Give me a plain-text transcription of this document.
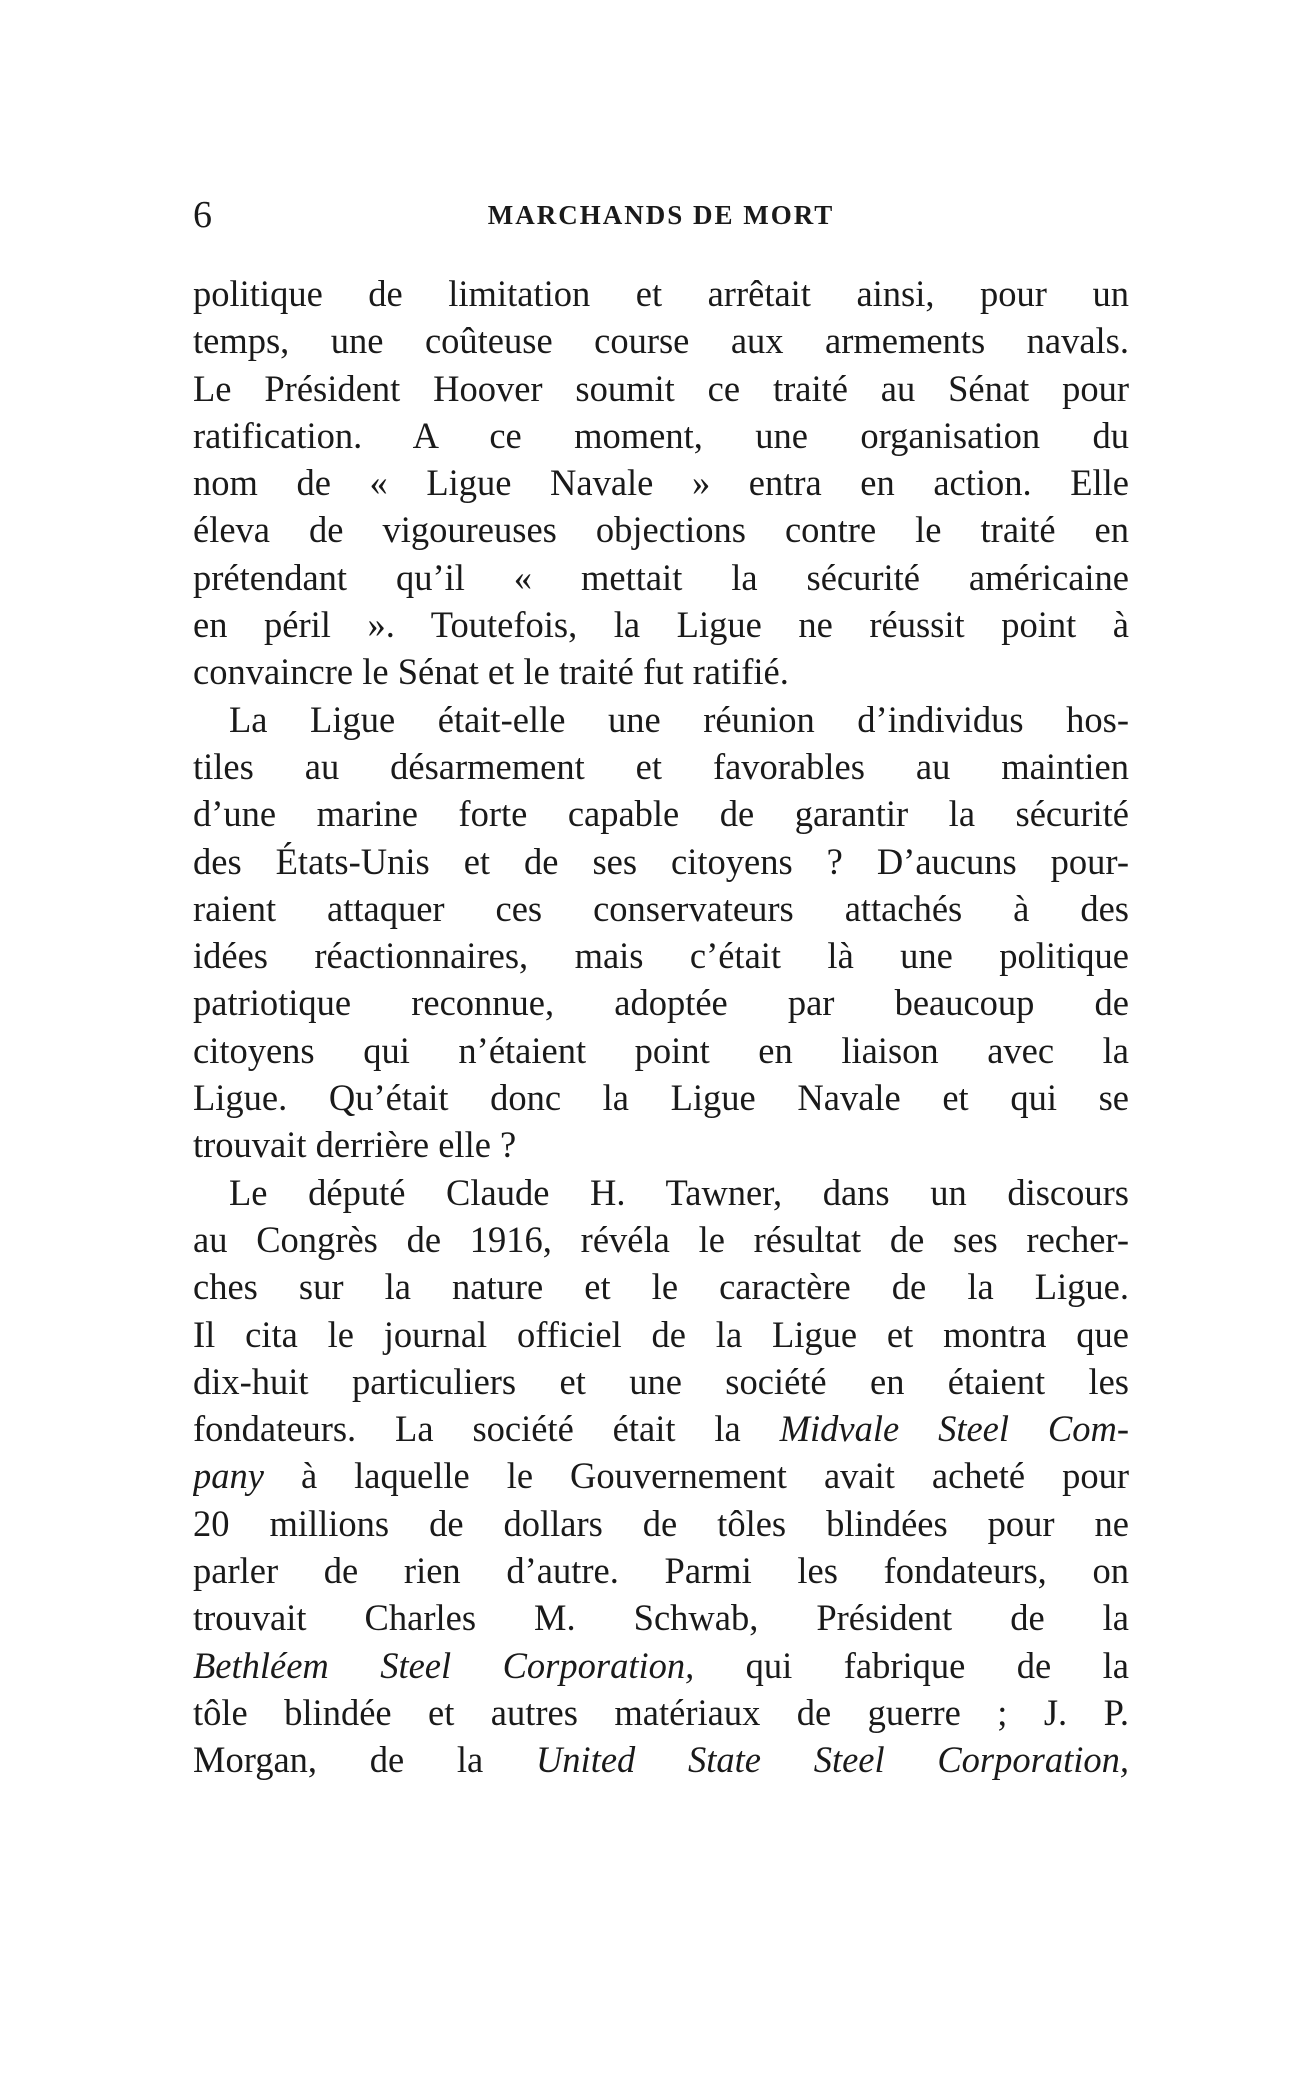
6	MARCHANDS DE MORT
politique de limitation et arrêtait ainsi, pour un
temps, une coûteuse course aux armements navals.
Le Président Hoover soumit ce traité au Sénat pour
ratification. A ce moment, une organisation du
nom de « Ligue Navale » entra en action. Elle
éleva de vigoureuses objections contre le traité en
prétendant qu’il « mettait la sécurité américaine
en péril ». Toutefois, la Ligue ne réussit point à
convaincre le Sénat et le traité fut ratifié.
La Ligue était-elle une réunion d’individus hos-
tiles au désarmement et favorables au maintien
d’une marine forte capable de garantir la sécurité
des États-Unis et de ses citoyens ? D’aucuns pour-
raient attaquer ces conservateurs attachés à des
idées réactionnaires, mais c’était là une politique
patriotique reconnue, adoptée par beaucoup de
citoyens qui n’étaient point en liaison avec la
Ligue. Qu’était donc la Ligue Navale et qui se
trouvait derrière elle ?
Le député Claude H. Tawner, dans un discours
au Congrès de 1916, révéla le résultat de ses recher-
ches sur la nature et le caractère de la Ligue.
Il cita le journal officiel de la Ligue et montra que
dix-huit particuliers et une société en étaient les
fondateurs. La société était la Midvale Steel Com-
pany à laquelle le Gouvernement avait acheté pour
20 millions de dollars de tôles blindées pour ne
parler de rien d’autre. Parmi les fondateurs, on
trouvait Charles M. Schwab, Président de la
Bethléem Steel Corporation, qui fabrique de la
tôle blindée et autres matériaux de guerre ; J. P.
Morgan, de la United State Steel Corporation,
